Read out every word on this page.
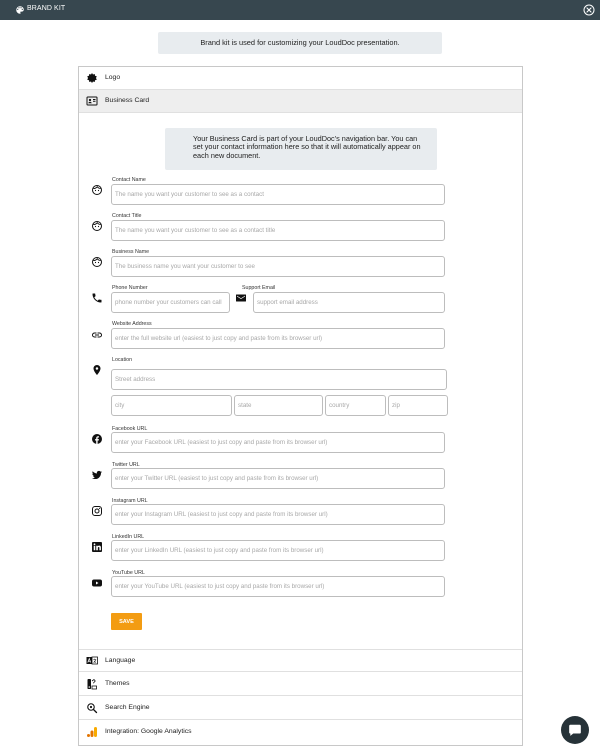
BRAND KIT
Brand kit is used for customizing your LoudDoc presentation.
Logo
Business Card
Your Business Card is part of your LoudDoc's navigation bar. You can set your contact information here so that it will automatically appear on each new document.
Contact Name
The name you want your customer to see as a contact
Contact Title
The name you want your customer to see as a contact title
Business Name
The business name you want your customer to see
Phone Number
phone number your customers can call	Support Email
support email address
Website Address
enter the full website url (easiest to just copy and paste from its browser url)
Location
Street address
city
state
country
zip
Facebook URL
enter your Facebook URL (easiest to just copy and paste from its browser url)
Twitter URL
enter your Twitter URL (easiest to just copy and paste from its browser url)
Instagram URL
enter your Instagram URL (easiest to just copy and paste from its browser url)
LinkedIn URL
enter your LinkedIn URL (easiest to just copy and paste from its browser url)
YouTube URL
enter your YouTube URL (easiest to just copy and paste from its browser url)
SAVE
Language
Themes
Search Engine
Integration: Google Analytics
